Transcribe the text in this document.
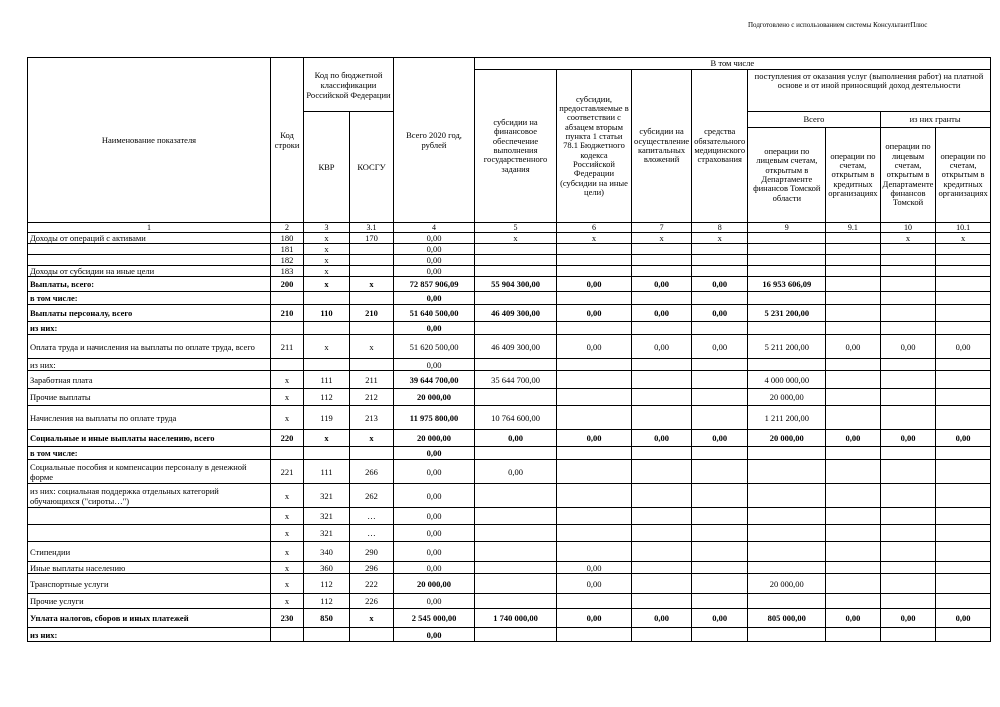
Подготовлено с использованием системы КонсультантПлюс
Наименование показателя	Код строки	Код по бюджетной классификации Российской Федерации		Всего 2020 год, рублей	В том числе							
					субсидии на финансовое обеспечение выполнения государственного задания	субсидии, предоставляемые в соответствии с абзацем вторым пункта 1 статьи 78.1 Бюджетного кодекса Российской Федерации (субсидии на иные цели)	субсидии на осуществление капитальных вложений	средства обязательного медицинского страхования	поступления от оказания услуг (выполнения работ) на платной основе и от иной приносящий доход деятельности			
		КВР	КОСГУ						Всего		из них гранты	
									операции по лицевым счетам, открытым в Департаменте финансов Томской области	операции по счетам, открытым в кредитных организациях	операции по лицевым счетам, открытым в Департаменте финансов Томской	операции по счетам, открытым в кредитных организациях
1	2	3	3.1	4	5	6	7	8	9	9.1	10	10.1
Доходы от операций с активами	180	x	170	0,00	x	x	x	x			x	x
	181	x		0,00								
	182	x		0,00								
Доходы от субсидии на иные цели	183	x		0,00								
Выплаты, всего:	200	x	x	72 857 906,09	55 904 300,00	0,00	0,00	0,00	16 953 606,09			
в том числе:				0,00								
Выплаты персоналу, всего	210	110	210	51 640 500,00	46 409 300,00	0,00	0,00	0,00	5 231 200,00			
из них:				0,00								
Оплата труда и начисления на выплаты по оплате труда, всего	211	x	x	51 620 500,00	46 409 300,00	0,00	0,00	0,00	5 211 200,00	0,00	0,00	0,00
из них:				0,00								
Заработная плата	x	111	211	39 644 700,00	35 644 700,00				4 000 000,00			
Прочие выплаты	x	112	212	20 000,00					20 000,00			
Начисления на выплаты по оплате труда	x	119	213	11 975 800,00	10 764 600,00				1 211 200,00			
Социальные и иные выплаты населению, всего	220	x	x	20 000,00	0,00	0,00	0,00	0,00	20 000,00	0,00	0,00	0,00
в том числе:				0,00								
Социальные пособия и компенсации персоналу в денежной форме	221	111	266	0,00	0,00							
из них: социальная поддержка отдельных категорий обучающихся ("сироты…")	x	321	262	0,00								
	x	321	…	0,00								
	x	321	…	0,00								
Стипендии	x	340	290	0,00								
Иные выплаты населению	x	360	296	0,00		0,00						
Транспортные услуги	x	112	222	20 000,00		0,00			20 000,00			
Прочие услуги	x	112	226	0,00								
Уплата налогов, сборов и иных платежей	230	850	x	2 545 000,00	1 740 000,00	0,00	0,00	0,00	805 000,00	0,00	0,00	0,00
из них:				0,00								
